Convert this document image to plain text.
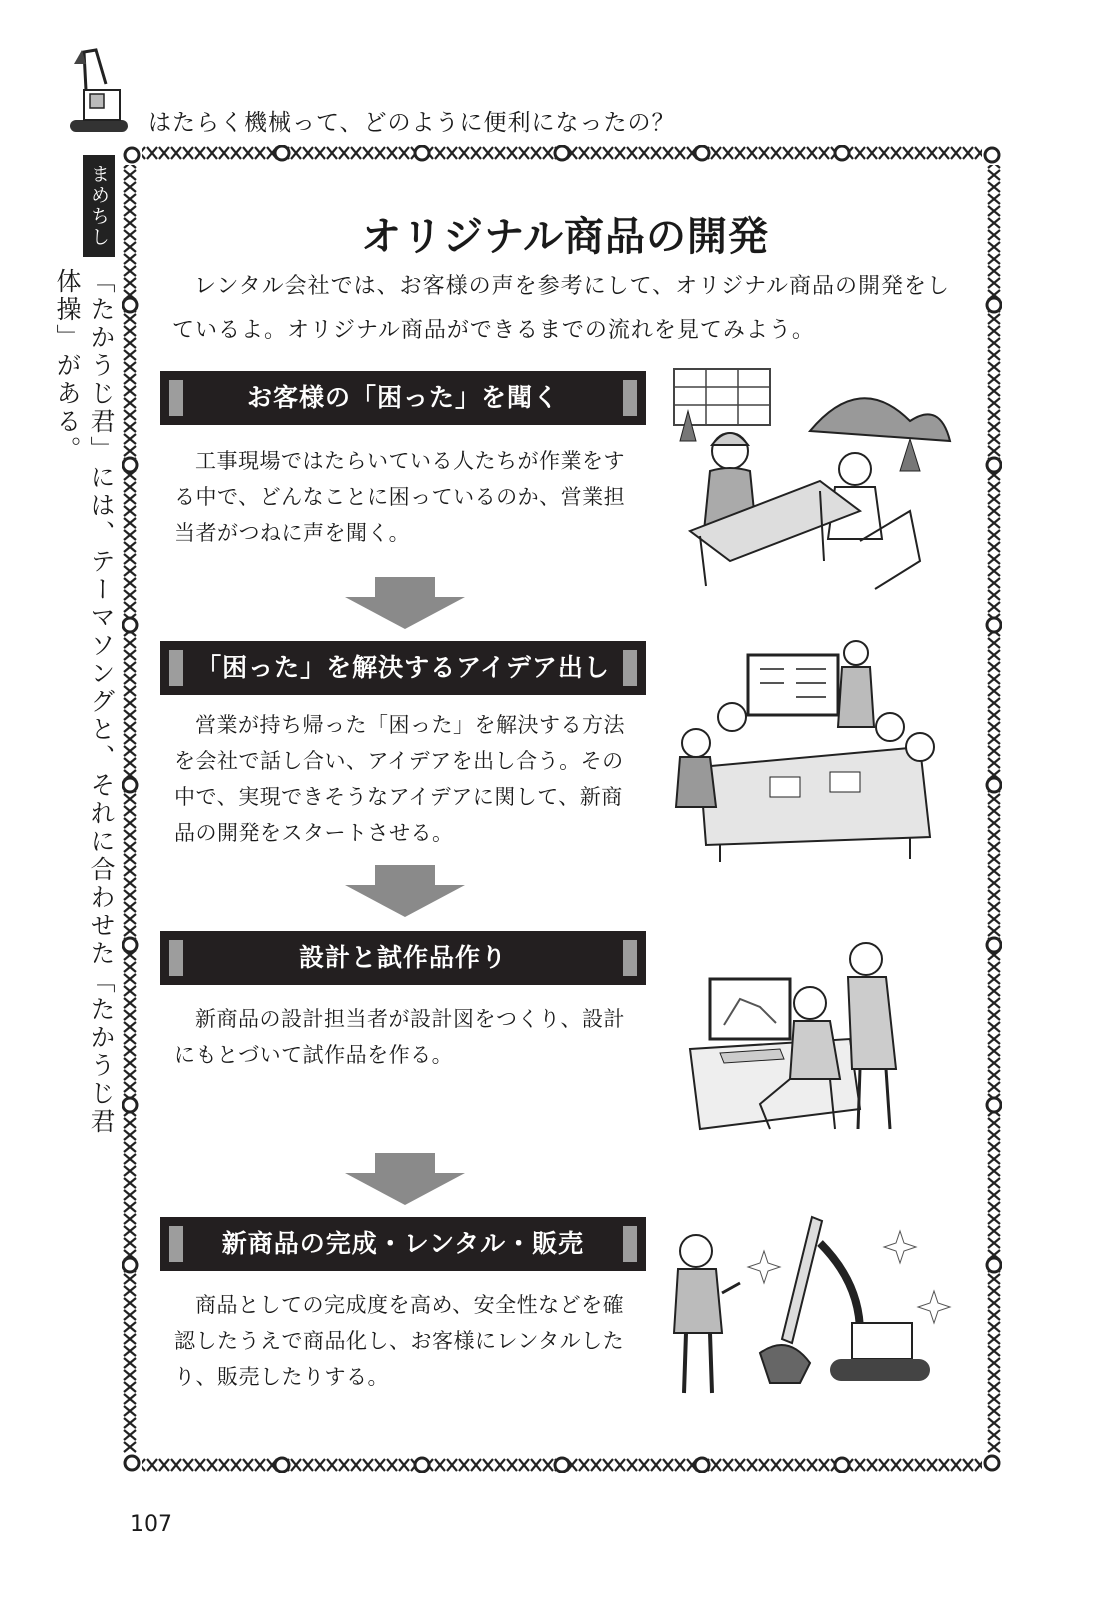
はたらく機械って、どのように便利になったの？
まめちしき
「たかうじ君」には、テーマソングと、それに合わせた「たかうじ君体操」がある。
オリジナル商品の開発
レンタル会社では、お客様の声を参考にして、オリジナル商品の開発をしているよ。オリジナル商品ができるまでの流れを見てみよう。
お客様の「困った」を聞く
工事現場ではたらいている人たちが作業をする中で、どんなことに困っているのか、営業担当者がつねに声を聞く。
「困った」を解決するアイデア出し
営業が持ち帰った「困った」を解決する方法を会社で話し合い、アイデアを出し合う。その中で、実現できそうなアイデアに関して、新商品の開発をスタートさせる。
設計と試作品作り
新商品の設計担当者が設計図をつくり、設計にもとづいて試作品を作る。
新商品の完成・レンタル・販売
商品としての完成度を高め、安全性などを確認したうえで商品化し、お客様にレンタルしたり、販売したりする。
107
